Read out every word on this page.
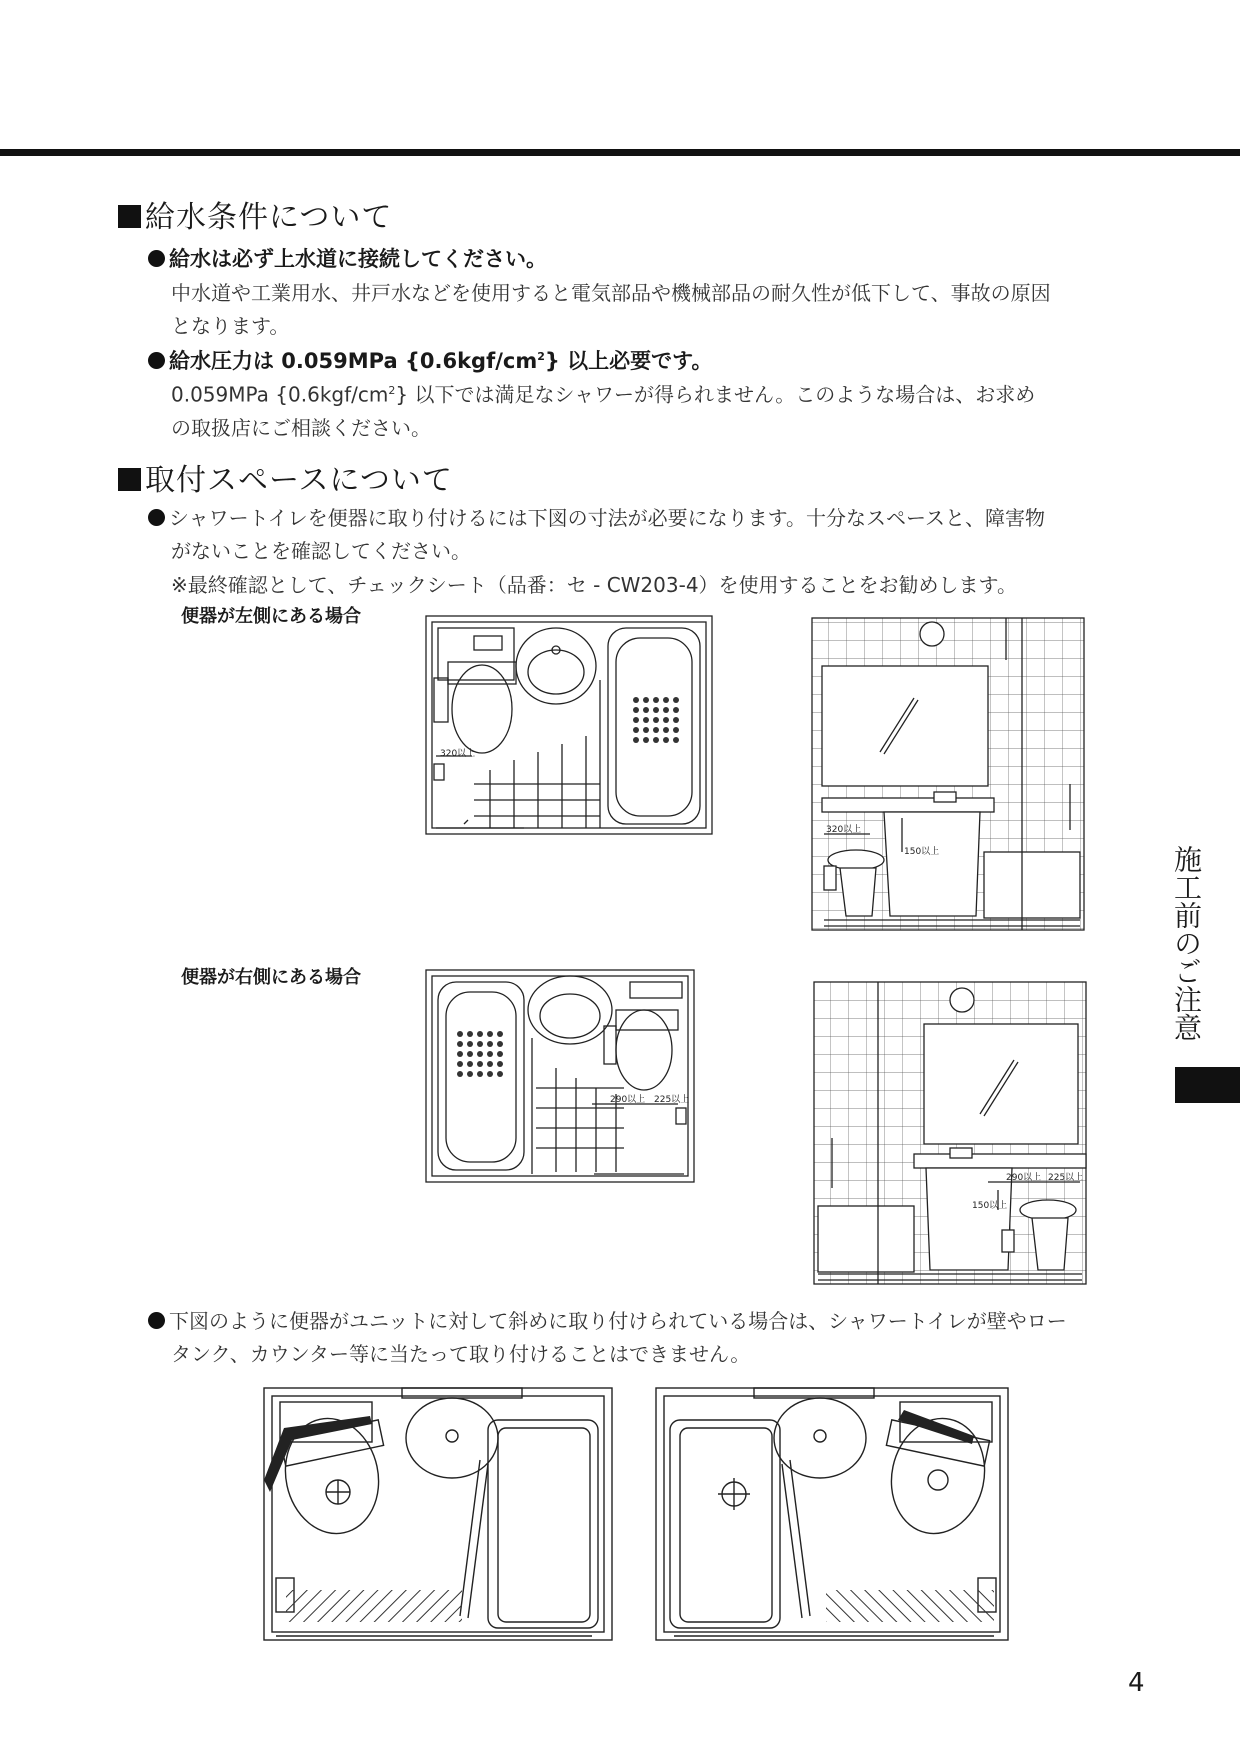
給水条件について

給水は必ず上水道に接続してください。

中水道や工業用水、井戸水などを使用すると電気部品や機械部品の耐久性が低下して、事故の原因
となります。

給水圧力は 0.059MPa $\{0.6kgf/cm^2\}$ 以上必要です。

0.059MPa $\{0.6kgf/cm^2\}$ 以下では満足なシャワーが得られません。このような場合は、お求め
の取扱店にご相談ください。

取付スペースについて

シャワートイレを便器に取り付けるには下図の寸法が必要になります。十分なスペースと、障害物
がないことを確認してください。

※最終確認として、チェックシート（品番：セ - CW203-4）を使用することをお勧めします。

便器が左側にある場合

便器が右側にある場合

320以上
320以上
150以上
290以上 225以上
290以上 225以上
150以上

下図のように便器がユニットに対して斜めに取り付けられている場合は、シャワートイレが壁やロー
タンク、カウンター等に当たって取り付けることはできません。

施工前のご注意
4
